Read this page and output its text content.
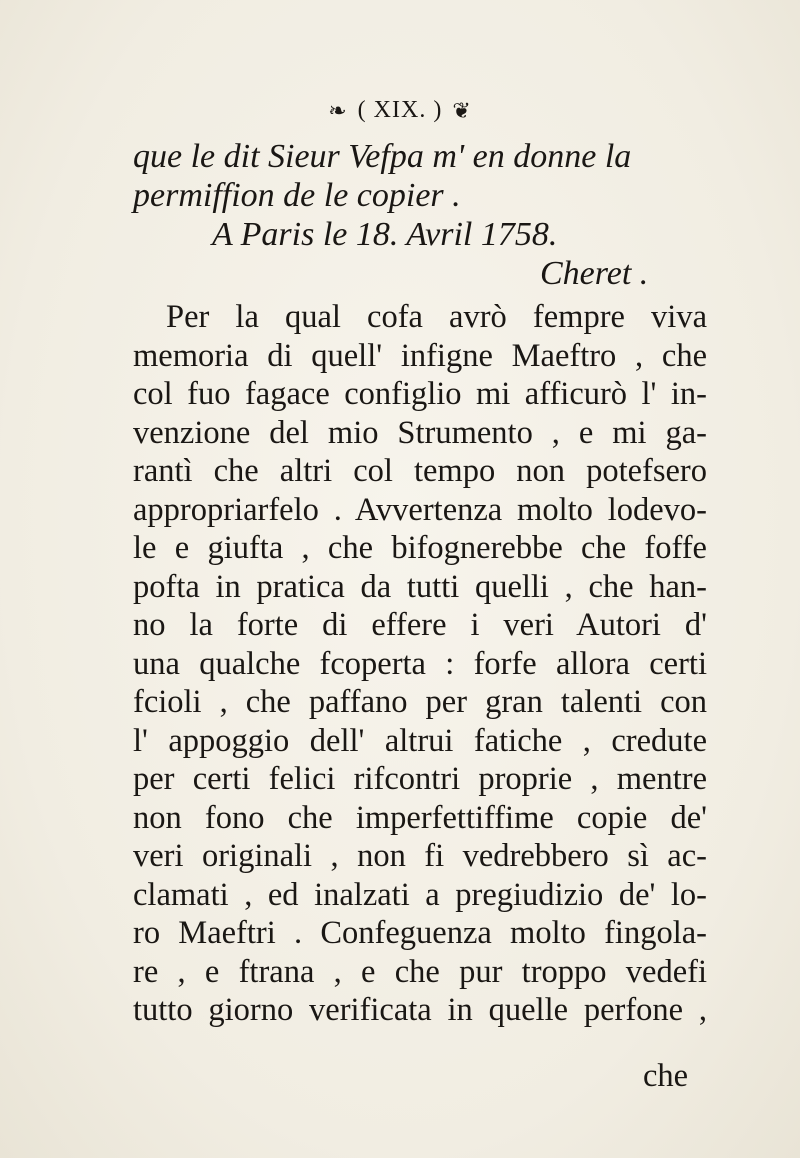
❧ ( XIX. ) ❦
que le dit Sieur Vefpa m' en donne la
permiffion de le copier .
A Paris le 18. Avril 1758.
Cheret .
Per la qual cofa avrò fempre viva
memoria di quell' infigne Maeftro , che
col fuo fagace configlio mi afficurò l' in-
venzione del mio Strumento , e mi ga-
rantì che altri col tempo non potefsero
appropriarfelo . Avvertenza molto lodevo-
le e giufta , che bifognerebbe che foffe
pofta in pratica da tutti quelli , che han-
no la forte di effere i veri Autori d'
una qualche fcoperta : forfe allora certi
fcioli , che paffano per gran talenti con
l' appoggio dell' altrui fatiche , credute
per certi felici rifcontri proprie , mentre
non fono che imperfettiffime copie de'
veri originali , non fi vedrebbero sì ac-
clamati , ed inalzati a pregiudizio de' lo-
ro Maeftri . Confeguenza molto fingola-
re , e ftrana , e che pur troppo vedefi
tutto giorno verificata in quelle perfone ,
che
